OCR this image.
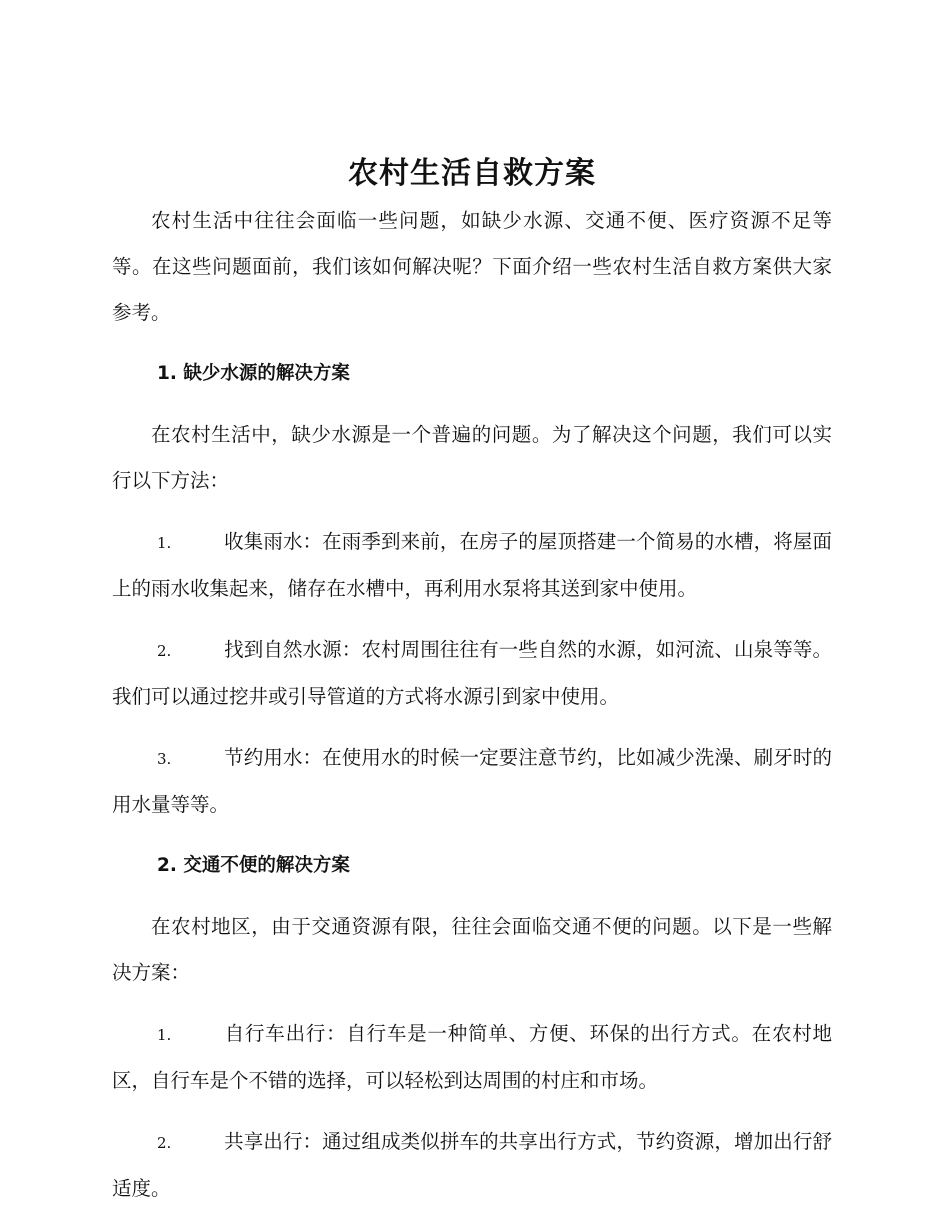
农村生活自救方案

农村生活中往往会面临一些问题，如缺少水源、交通不便、医疗资源不足等等。在这些问题面前，我们该如何解决呢？下面介绍一些农村生活自救方案供大家参考。

1. 缺少水源的解决方案

在农村生活中，缺少水源是一个普遍的问题。为了解决这个问题，我们可以实行以下方法：

1.	收集雨水：在雨季到来前，在房子的屋顶搭建一个简易的水槽，将屋面上的雨水收集起来，储存在水槽中，再利用水泵将其送到家中使用。

2.	找到自然水源：农村周围往往有一些自然的水源，如河流、山泉等等。我们可以通过挖井或引导管道的方式将水源引到家中使用。

3.	节约用水：在使用水的时候一定要注意节约，比如减少洗澡、刷牙时的用水量等等。

2. 交通不便的解决方案

在农村地区，由于交通资源有限，往往会面临交通不便的问题。以下是一些解决方案：

1.	自行车出行：自行车是一种简单、方便、环保的出行方式。在农村地区，自行车是个不错的选择，可以轻松到达周围的村庄和市场。

2.	共享出行：通过组成类似拼车的共享出行方式，节约资源，增加出行舒适度。
